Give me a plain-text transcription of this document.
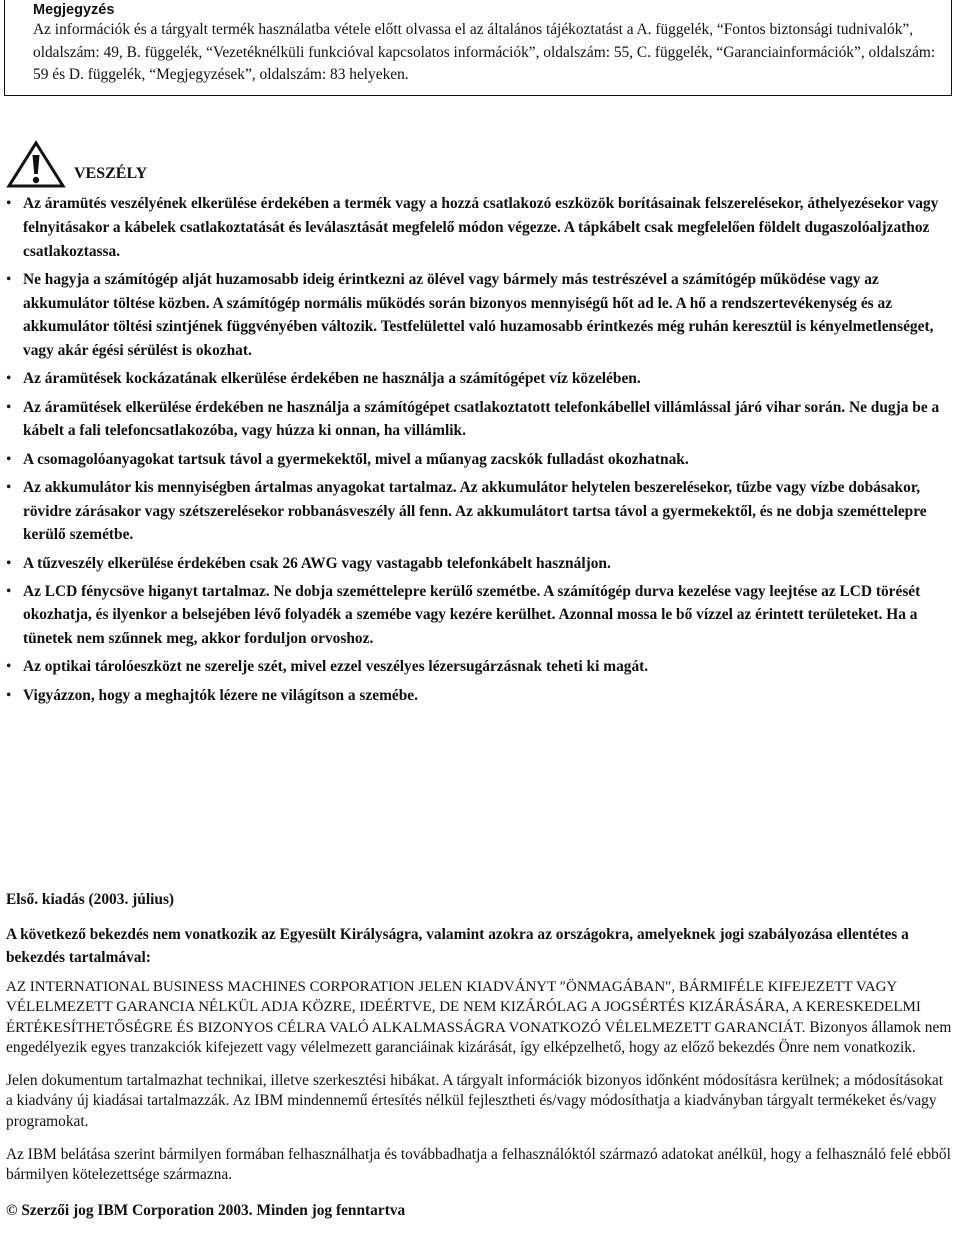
Megjegyzés

Az információk és a tárgyalt termék használatba vétele előtt olvassa el az általános tájékoztatást a A. függelék, “Fontos biztonsági tudnivalók”, oldalszám: 49, B. függelék, “Vezetéknélküli funkcióval kapcsolatos információk”, oldalszám: 55, C. függelék, “Garanciainformációk”, oldalszám: 59 és D. függelék, “Megjegyzések”, oldalszám: 83 helyeken.

VESZÉLY
• Az áramütés veszélyének elkerülése érdekében a termék vagy a hozzá csatlakozó eszközök borításainak felszerelésekor, áthelyezésekor vagy felnyitásakor a kábelek csatlakoztatását és leválasztását megfelelő módon végezze. A tápkábelt csak megfelelően földelt dugaszolóaljzathoz csatlakoztassa.
• Ne hagyja a számítógép alját huzamosabb ideig érintkezni az ölével vagy bármely más testrészével a számítógép működése vagy az akkumulátor töltése közben. A számítógép normális működés során bizonyos mennyiségű hőt ad le. A hő a rendszertevékenység és az akkumulátor töltési szintjének függvényében változik. Testfelülettel való huzamosabb érintkezés még ruhán keresztül is kényelmetlenséget, vagy akár égési sérülést is okozhat.
• Az áramütések kockázatának elkerülése érdekében ne használja a számítógépet víz közelében.
• Az áramütések elkerülése érdekében ne használja a számítógépet csatlakoztatott telefonkábellel villámlással járó vihar során. Ne dugja be a kábelt a fali telefoncsatlakozóba, vagy húzza ki onnan, ha villámlik.
• A csomagolóanyagokat tartsuk távol a gyermekektől, mivel a műanyag zacskók fulladást okozhatnak.
• Az akkumulátor kis mennyiségben ártalmas anyagokat tartalmaz. Az akkumulátor helytelen beszerelésekor, tűzbe vagy vízbe dobásakor, rövidre zárásakor vagy szétszerelésekor robbanásveszély áll fenn. Az akkumulátort tartsa távol a gyermekektől, és ne dobja szeméttelepre kerülő szemétbe.
• A tűzveszély elkerülése érdekében csak 26 AWG vagy vastagabb telefonkábelt használjon.
• Az LCD fénycsöve higanyt tartalmaz. Ne dobja szeméttelepre kerülő szemétbe. A számítógép durva kezelése vagy leejtése az LCD törését okozhatja, és ilyenkor a belsejében lévő folyadék a szemébe vagy kezére kerülhet. Azonnal mossa le bő vízzel az érintett területeket. Ha a tünetek nem szűnnek meg, akkor forduljon orvoshoz.
• Az optikai tárolóeszközt ne szerelje szét, mivel ezzel veszélyes lézersugárzásnak teheti ki magát.
• Vigyázzon, hogy a meghajtók lézere ne világítson a szemébe.

Első. kiadás (2003. július)

A következő bekezdés nem vonatkozik az Egyesült Királyságra, valamint azokra az országokra, amelyeknek jogi szabályozása ellentétes a bekezdés tartalmával:

AZ INTERNATIONAL BUSINESS MACHINES CORPORATION JELEN KIADVÁNYT ″ÖNMAGÁBAN″, BÁRMIFÉLE KIFEJEZETT VAGY VÉLELMEZETT GARANCIA NÉLKÜL ADJA KÖZRE, IDEÉRTVE, DE NEM KIZÁRÓLAG A JOGSÉRTÉS KIZÁRÁSÁRA, A KERESKEDELMI ÉRTÉKESÍTHETŐSÉGRE ÉS BIZONYOS CÉLRA VALÓ ALKALMASSÁGRA VONATKOZÓ VÉLELMEZETT GARANCIÁT. Bizonyos államok nem engedélyezik egyes tranzakciók kifejezett vagy vélelmezett garanciáinak kizárását, így elképzelhető, hogy az előző bekezdés Önre nem vonatkozik.

Jelen dokumentum tartalmazhat technikai, illetve szerkesztési hibákat. A tárgyalt információk bizonyos időnként módosításra kerülnek; a módosításokat a kiadvány új kiadásai tartalmazzák. Az IBM mindennemű értesítés nélkül fejlesztheti és/vagy módosíthatja a kiadványban tárgyalt termékeket és/vagy programokat.

Az IBM belátása szerint bármilyen formában felhasználhatja és továbbadhatja a felhasználóktól származó adatokat anélkül, hogy a felhasználó felé ebből bármilyen kötelezettsége származna.

© Szerzői jog IBM Corporation 2003. Minden jog fenntartva
